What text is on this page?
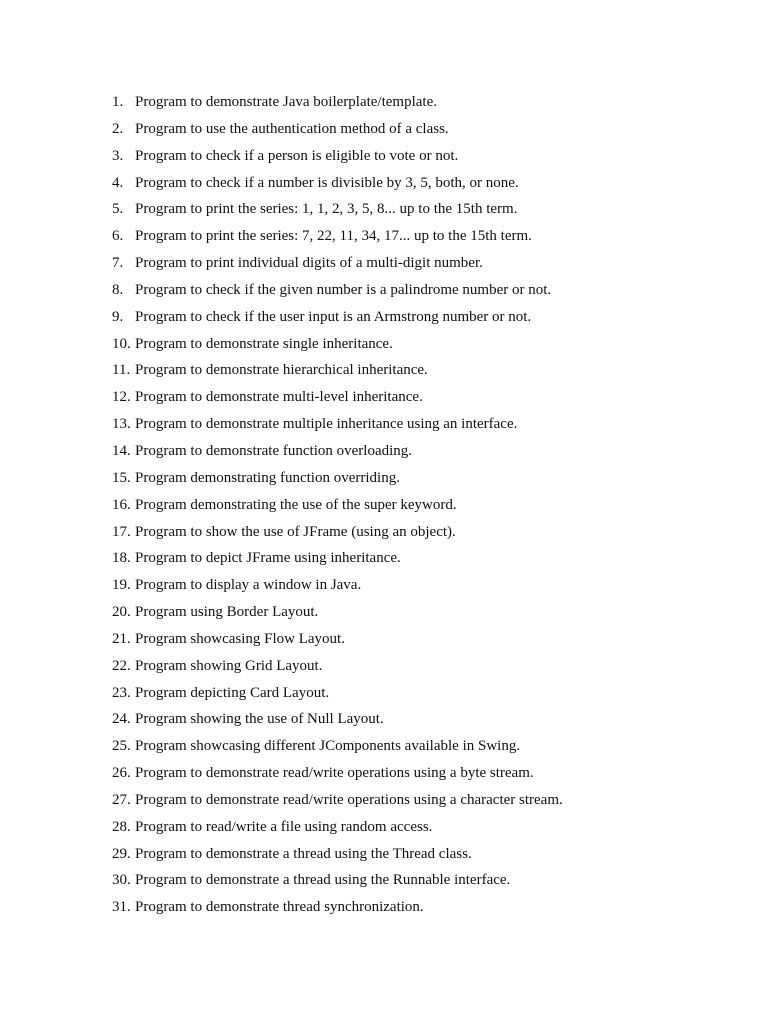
1. Program to demonstrate Java boilerplate/template.
2. Program to use the authentication method of a class.
3. Program to check if a person is eligible to vote or not.
4. Program to check if a number is divisible by 3, 5, both, or none.
5. Program to print the series: 1, 1, 2, 3, 5, 8... up to the 15th term.
6. Program to print the series: 7, 22, 11, 34, 17... up to the 15th term.
7. Program to print individual digits of a multi-digit number.
8. Program to check if the given number is a palindrome number or not.
9. Program to check if the user input is an Armstrong number or not.
10. Program to demonstrate single inheritance.
11. Program to demonstrate hierarchical inheritance.
12. Program to demonstrate multi-level inheritance.
13. Program to demonstrate multiple inheritance using an interface.
14. Program to demonstrate function overloading.
15. Program demonstrating function overriding.
16. Program demonstrating the use of the super keyword.
17. Program to show the use of JFrame (using an object).
18. Program to depict JFrame using inheritance.
19. Program to display a window in Java.
20. Program using Border Layout.
21. Program showcasing Flow Layout.
22. Program showing Grid Layout.
23. Program depicting Card Layout.
24. Program showing the use of Null Layout.
25. Program showcasing different JComponents available in Swing.
26. Program to demonstrate read/write operations using a byte stream.
27. Program to demonstrate read/write operations using a character stream.
28. Program to read/write a file using random access.
29. Program to demonstrate a thread using the Thread class.
30. Program to demonstrate a thread using the Runnable interface.
31. Program to demonstrate thread synchronization.
